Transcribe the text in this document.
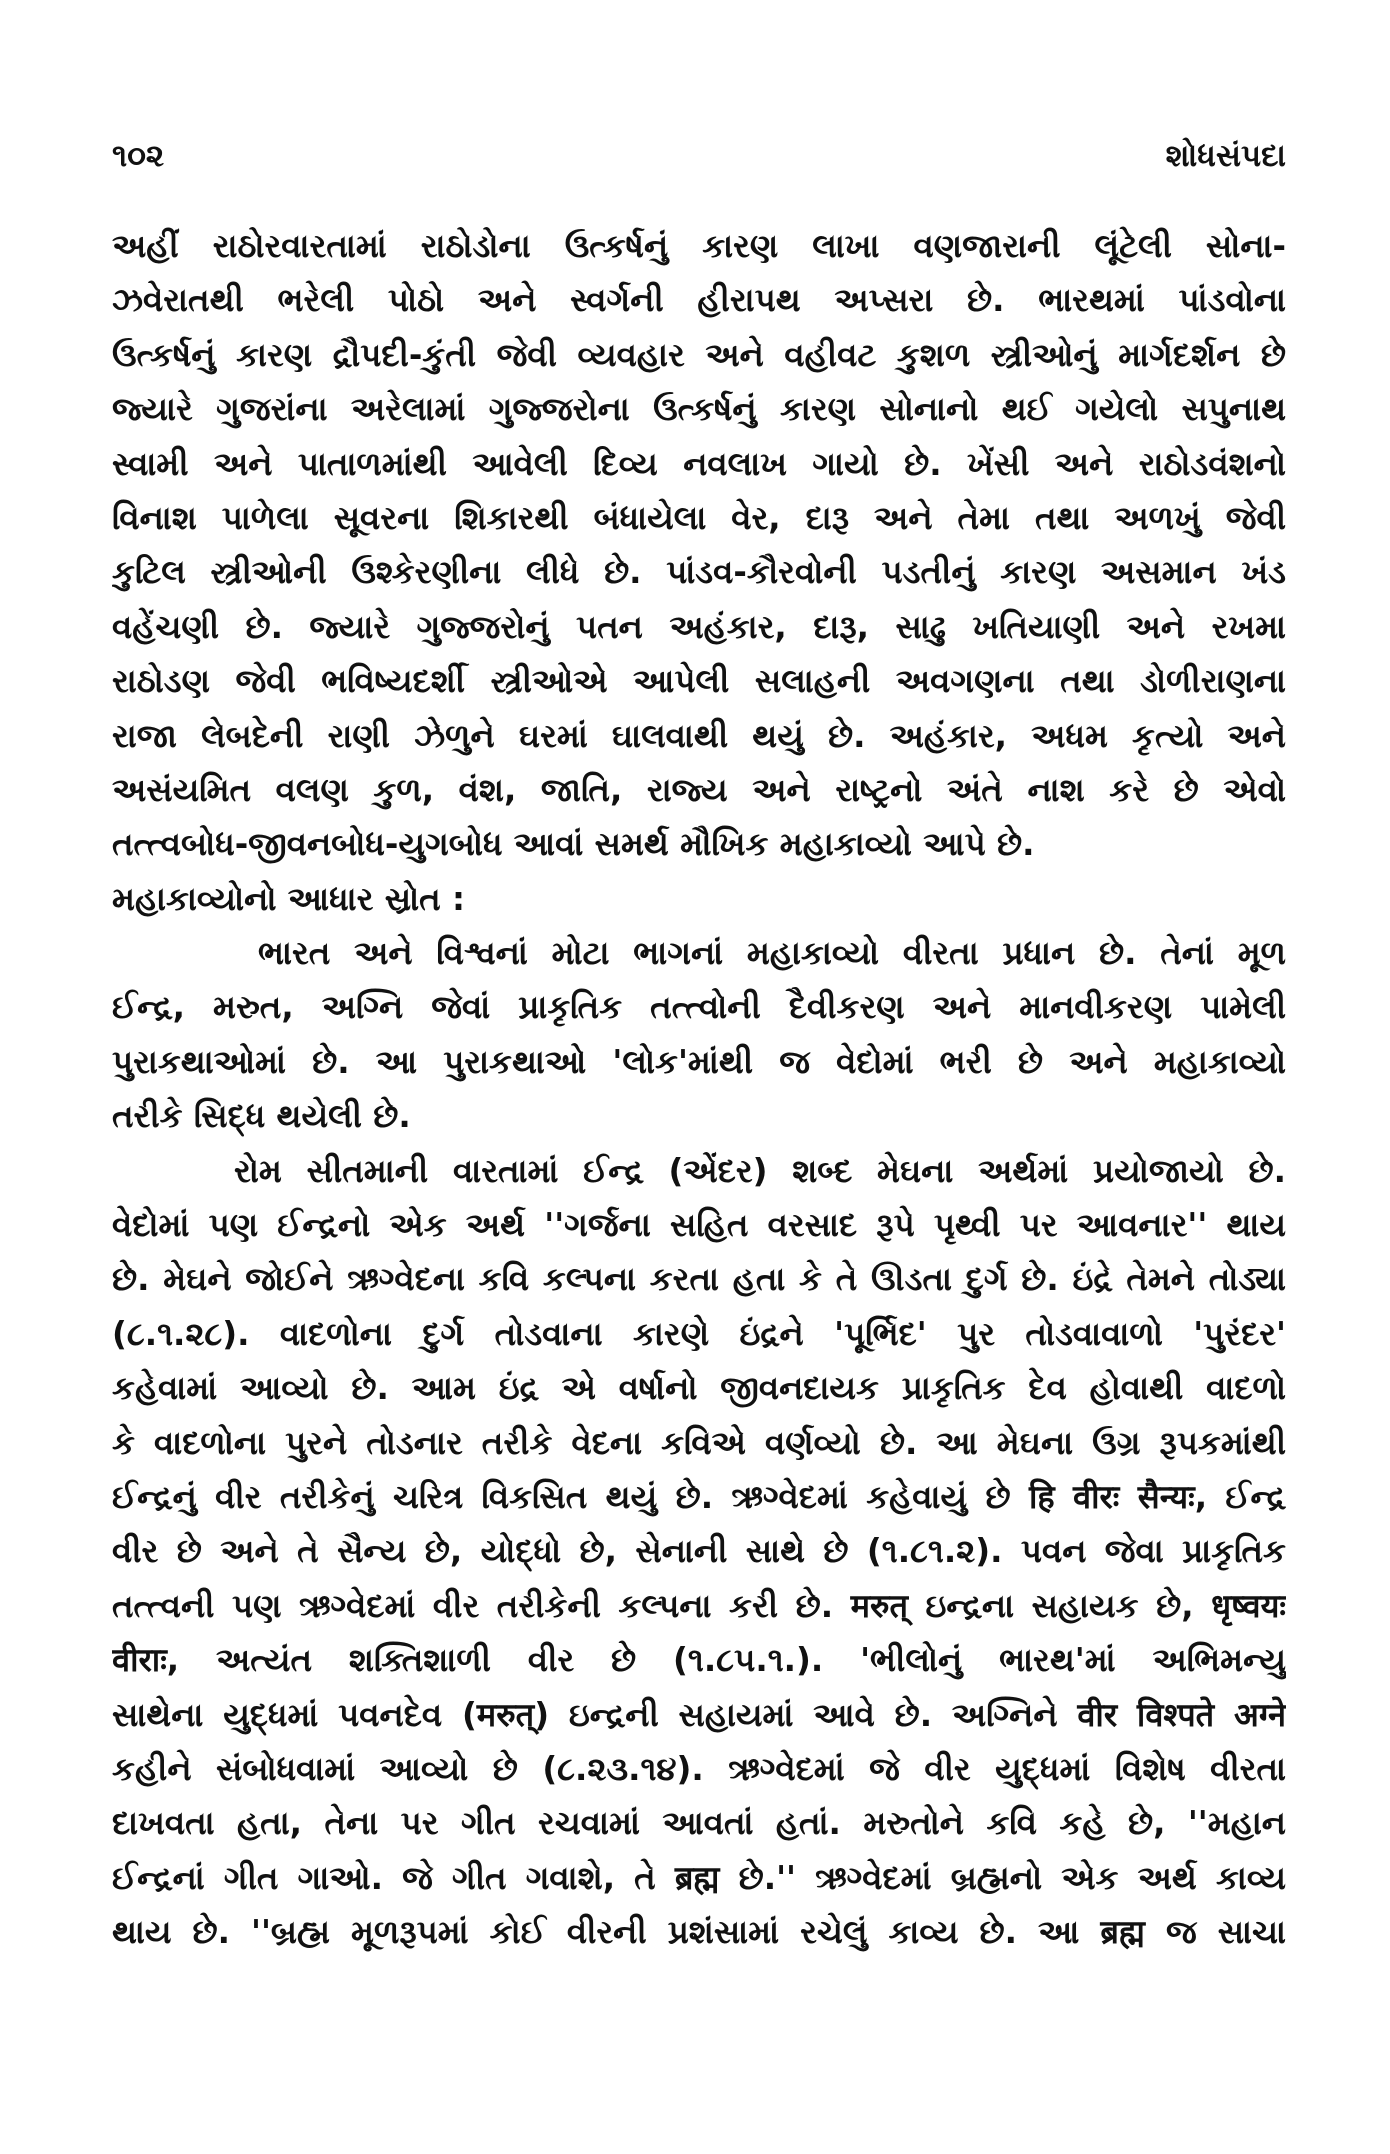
૧૦૨	શોધસંપદા
અહીં રાઠોરવારતામાં રાઠોડોના ઉત્કર્ષનું કારણ લાખા વણજારાની લૂંટેલી સોના-
ઝવેરાતથી ભરેલી પોઠો અને સ્વર્ગની હીરાપથ અપ્સરા છે. ભારથમાં પાંડવોના
ઉત્કર્ષનું કારણ દ્રૌપદી-કુંતી જેવી વ્યવહાર અને વહીવટ કુશળ સ્ત્રીઓનું માર્ગદર્શન છે
જ્યારે ગુજરાંના અરેલામાં ગુજ્જરોના ઉત્કર્ષનું કારણ સોનાનો થઈ ગયેલો સપુનાથ
સ્વામી અને પાતાળમાંથી આવેલી દિવ્ય નવલાખ ગાયો છે. ખેંસી અને રાઠોડવંશનો
વિનાશ પાળેલા સૂવરના શિકારથી બંધાયેલા વેર, દારૂ અને તેમા તથા અળખું જેવી
કુટિલ સ્ત્રીઓની ઉશ્કેરણીના લીધે છે. પાંડવ-કૌરવોની પડતીનું કારણ અસમાન ખંડ
વહેંચણી છે. જ્યારે ગુજ્જરોનું પતન અહંકાર, દારૂ, સાઢુ ખતિયાણી અને રખમા
રાઠોડણ જેવી ભવિષ્યદર્શી સ્ત્રીઓએ આપેલી સલાહની અવગણના તથા ડોળીરાણના
રાજા લેબદેની રાણી ઝેળુને ઘરમાં ઘાલવાથી થયું છે. અહંકાર, અધમ કૃત્યો અને
અસંયમિત વલણ કુળ, વંશ, જાતિ, રાજ્ય અને રાષ્ટ્રનો અંતે નાશ કરે છે એવો
તત્ત્વબોધ-જીવનબોધ-યુગબોધ આવાં સમર્થ મૌખિક મહાકાવ્યો આપે છે.
મહાકાવ્યોનો આધાર સ્રોત :
ભારત અને વિશ્વનાં મોટા ભાગનાં મહાકાવ્યો વીરતા પ્રધાન છે. તેનાં મૂળ
ઈન્દ્ર, મરુત, અગ્નિ જેવાં પ્રાકૃતિક તત્ત્વોની દૈવીકરણ અને માનવીકરણ પામેલી
પુરાકથાઓમાં છે. આ પુરાકથાઓ 'લોક'માંથી જ વેદોમાં ભરી છે અને મહાકાવ્યો
તરીકે સિદ્ધ થયેલી છે.
રોમ સીતમાની વારતામાં ઈન્દ્ર (એંદર) શબ્દ મેઘના અર્થમાં પ્રયોજાયો છે.
વેદોમાં પણ ઈન્દ્રનો એક અર્થ ''ગર્જના સહિત વરસાદ રૂપે પૃથ્વી પર આવનાર'' થાય
છે. મેઘને જોઈને ઋગ્વેદના કવિ કલ્પના કરતા હતા કે તે ઊડતા દુર્ગ છે. ઇંદ્રે તેમને તોડ્યા
(૮.૧.૨૮). વાદળોના દુર્ગ તોડવાના કારણે ઇંદ્રને 'પૂર્ભિદ' પુર તોડવાવાળો 'પુરંદર'
કહેવામાં આવ્યો છે. આમ ઇંદ્ર એ વર્ષાનો જીવનદાયક પ્રાકૃતિક દેવ હોવાથી વાદળો
કે વાદળોના પુરને તોડનાર તરીકે વેદના કવિએ વર્ણવ્યો છે. આ મેઘના ઉગ્ર રૂપકમાંથી
ઈન્દ્રનું વીર તરીકેનું ચરિત્ર વિકસિત થયું છે. ઋગ્વેદમાં કહેવાયું છે हि वीरः सैन्यः, ઈન્દ્ર
વીર છે અને તે સૈન્ય છે, યોદ્ધો છે, સેનાની સાથે છે (૧.૮૧.૨). પવન જેવા પ્રાકૃતિક
તત્ત્વની પણ ઋગ્વેદમાં વીર તરીકેની કલ્પના કરી છે. मरुत् ઇન્દ્રના સહાયક છે, धृष्वयः
वीराः, અત્યંત શક્તિશાળી વીર છે (૧.૮૫.૧.). 'ભીલોનું ભારથ'માં અભિમન્યુ
સાથેના યુદ્ધમાં પવનદેવ (मरुत्) ઇન્દ્રની સહાયમાં આવે છે. અગ્નિને वीर विश्पते अग्ने
કહીને સંબોધવામાં આવ્યો છે (૮.૨૩.૧૪). ઋગ્વેદમાં જે વીર યુદ્ધમાં વિશેષ વીરતા
દાખવતા હતા, તેના પર ગીત રચવામાં આવતાં હતાં. મરુતોને કવિ કહે છે, ''મહાન
ઈન્દ્રનાં ગીત ગાઓ. જે ગીત ગવાશે, તે ब्रह्म છે.'' ઋગ્વેદમાં બ્રહ્મનો એક અર્થ કાવ્ય
થાય છે. ''બ્રહ્મ મૂળરૂપમાં કોઈ વીરની પ્રશંસામાં રચેલું કાવ્ય છે. આ ब्रह्म જ સાચા
